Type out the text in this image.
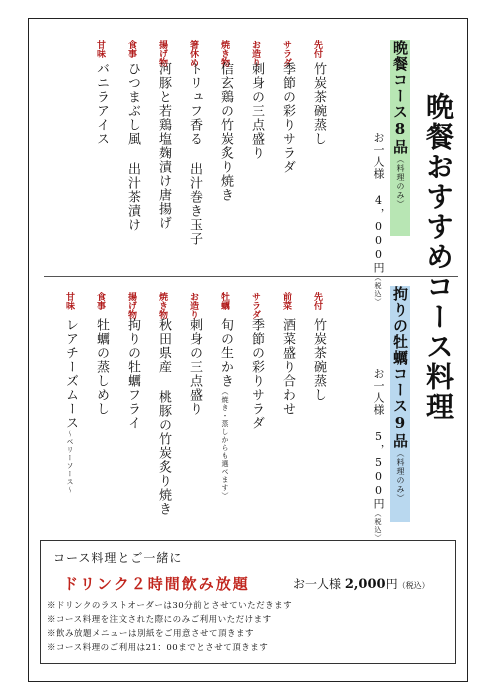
晩餐おすすめコース料理
晩餐コース8品（料理のみ）
お一人様 4，000円（税込）
先付
竹炭茶碗蒸し
サラダ
季節の彩りサラダ
お造り
刺身の三点盛り
焼き物
信玄鶏の竹炭炙り焼き
箸休め
トリュフ香る 出汁巻き玉子
揚げ物
河豚と若鶏塩麹漬け唐揚げ
食事
ひつまぶし風 出汁茶漬け
甘味
バニラアイス
拘りの牡蠣コース9品（料理のみ）
お一人様 5，500円（税込）
先付
竹炭茶碗蒸し
前菜
酒菜盛り合わせ
サラダ
季節の彩りサラダ
牡蠣
旬の生かき（焼き・蒸しからも選べます）
お造り
刺身の三点盛り
焼き物
秋田県産 桃豚の竹炭炙り焼き
揚げ物
拘りの牡蠣フライ
食事
牡蠣の蒸しめし
甘味
レアチーズムース〜ベリーソース〜
コース料理とご一緒に
ドリンク２時間飲み放題	お一人様 2,000円（税込）
※ドリンクのラストオーダーは30分前とさせていただきます
※コース料理を注文された際にのみご利用いただけます
※飲み放題メニューは別紙をご用意させて頂きます
※コース料理のご利用は21：00までとさせて頂きます
